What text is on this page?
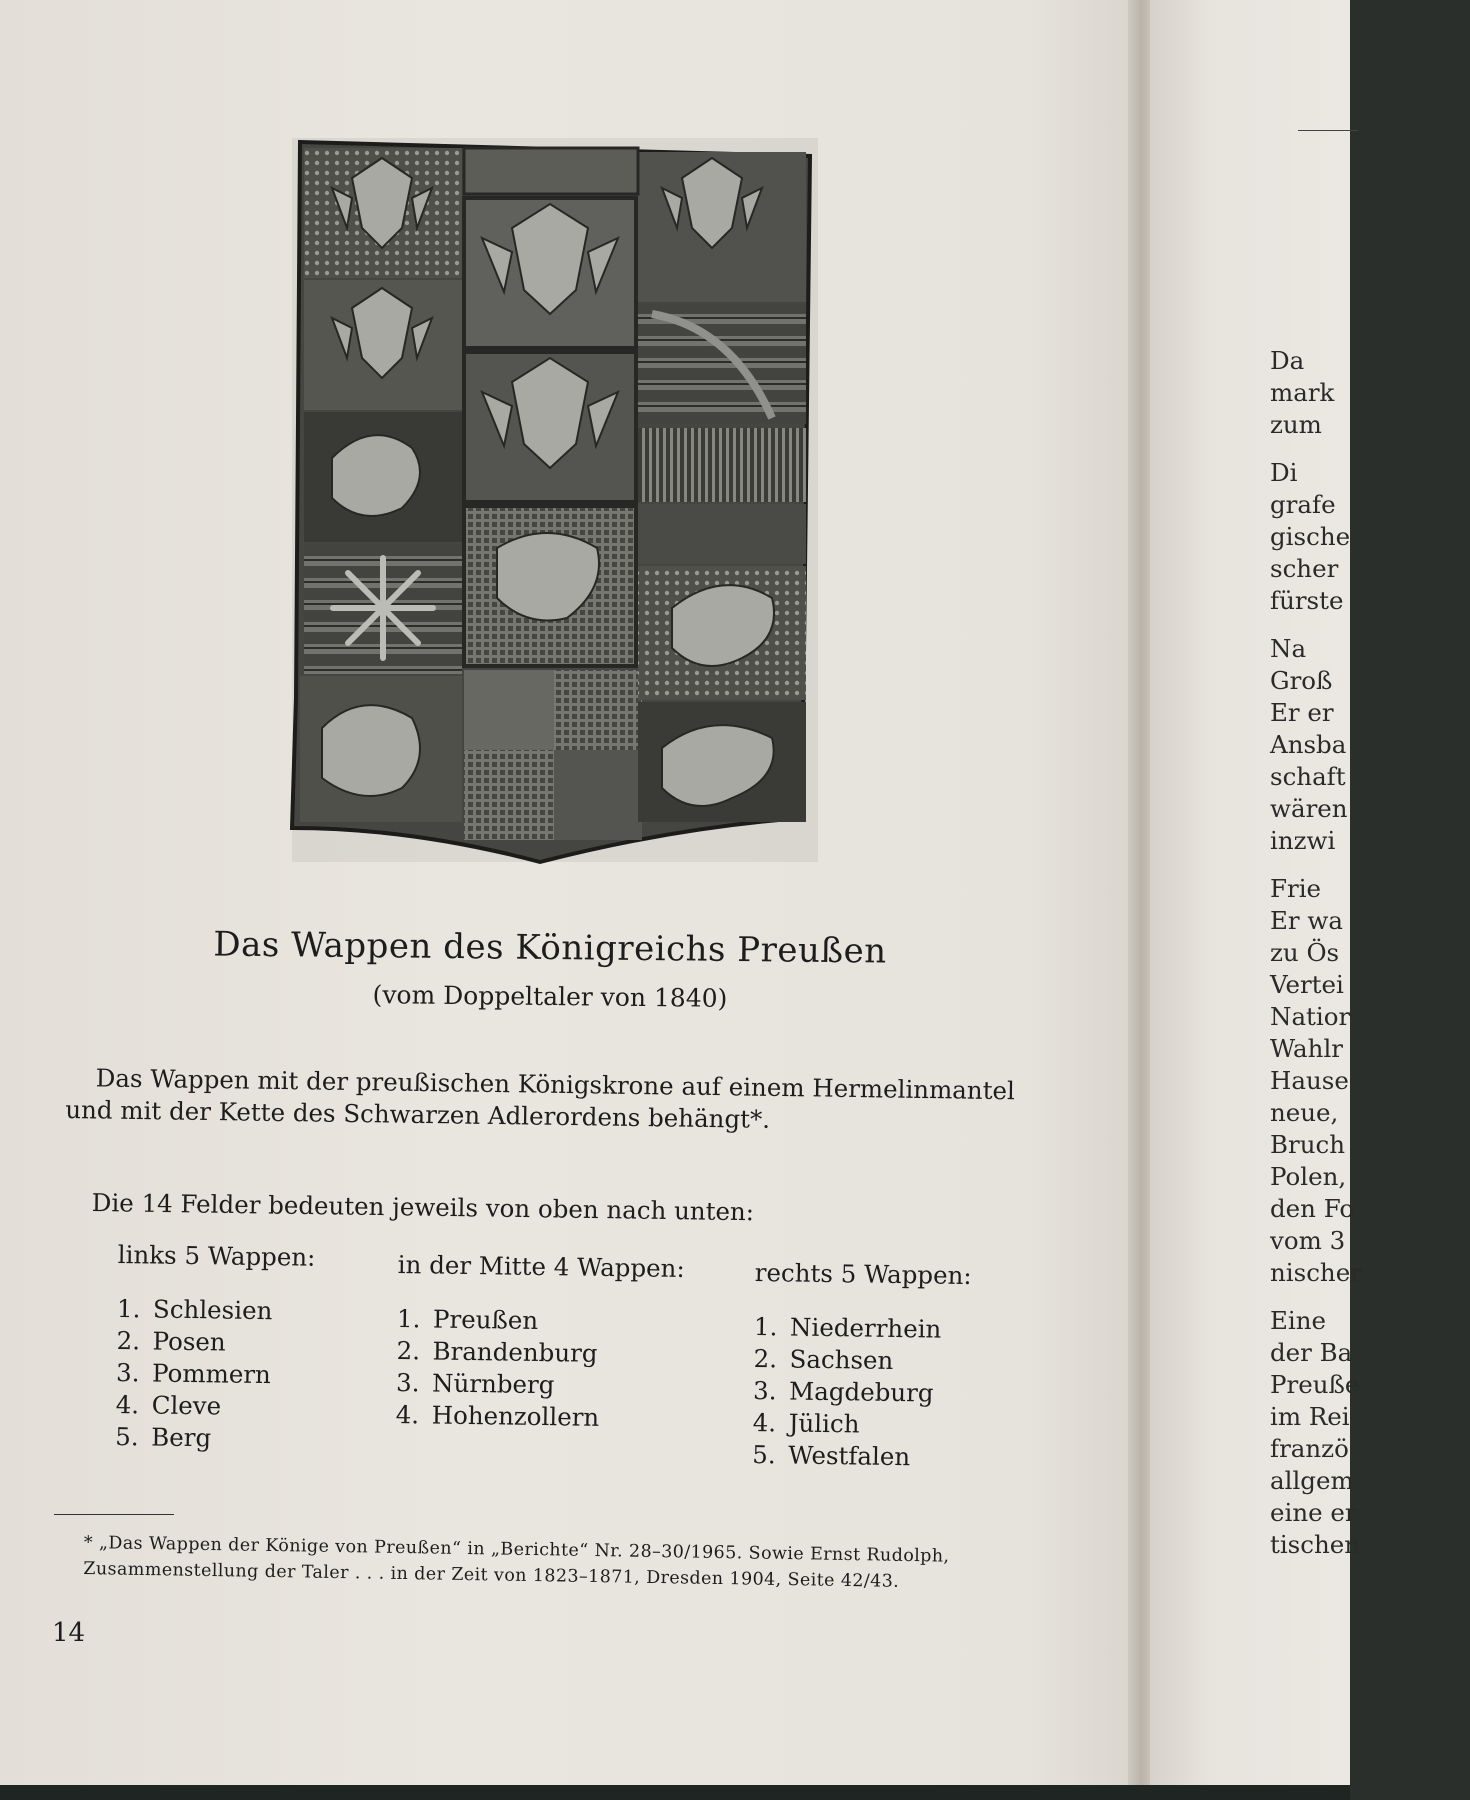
Das Wappen des Königreichs Preußen
(vom Doppeltaler von 1840)

Das Wappen mit der preußischen Königskrone auf einem Hermelinmantel

und mit der Kette des Schwarzen Adlerordens behängt*.

Die 14 Felder bedeuten jeweils von oben nach unten:
links 5 Wappen:
1. Schlesien
2. Posen
3. Pommern
4. Cleve
5. Berg
in der Mitte 4 Wappen:
1. Preußen
2. Brandenburg
3. Nürnberg
4. Hohenzollern
rechts 5 Wappen:
1. Niederrhein
2. Sachsen
3. Magdeburg
4. Jülich
5. Westfalen

* „Das Wappen der Könige von Preußen“ in „Berichte“ Nr. 28–30/1965. Sowie Ernst Rudolph,

Zusammenstellung der Taler . . . in der Zeit von 1823–1871, Dresden 1904, Seite 42/43.

14
Da
mark
zum
Di
grafe
gische
scher
fürste
Na
Groß
Er er
Ansba
schaft
wären
inzwi
Frie
Er wa
zu Ös
Vertei
Natior
Wahlr
Hause
neue,
Bruch
Polen,
den Fo
vom 3
nischer
Eine
der Ba
Preuße
im Rei
franzö
allgem
eine er
tischen
